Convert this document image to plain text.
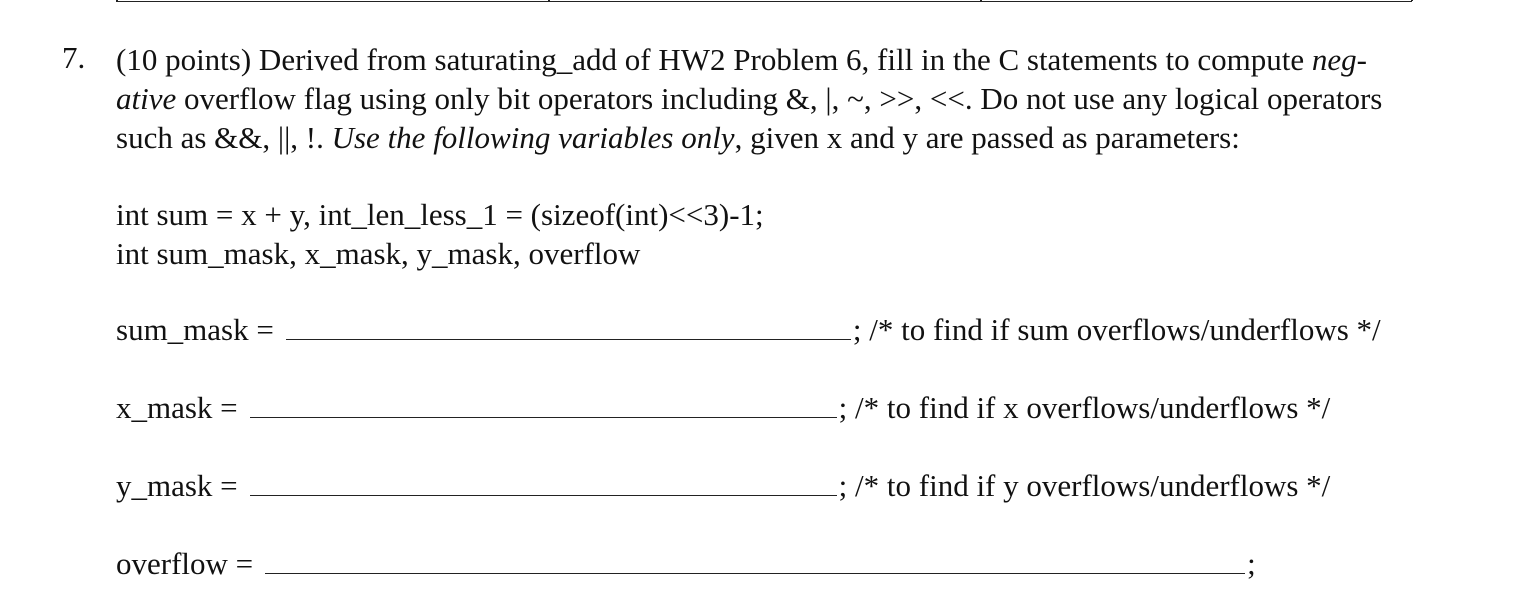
7. (10 points) Derived from saturating_add of HW2 Problem 6, fill in the C statements to compute neg-
ative overflow flag using only bit operators including &, |, ~, >>, <<. Do not use any logical operators
such as &&, ||, !. Use the following variables only, given x and y are passed as parameters:
int sum = x + y, int_len_less_1 = (sizeof(int)<<3)-1;
int sum_mask, x_mask, y_mask, overflow
sum_mask =	; /* to find if sum overflows/underflows */
x_mask =	; /* to find if x overflows/underflows */
y_mask =	; /* to find if y overflows/underflows */
overflow =	;
